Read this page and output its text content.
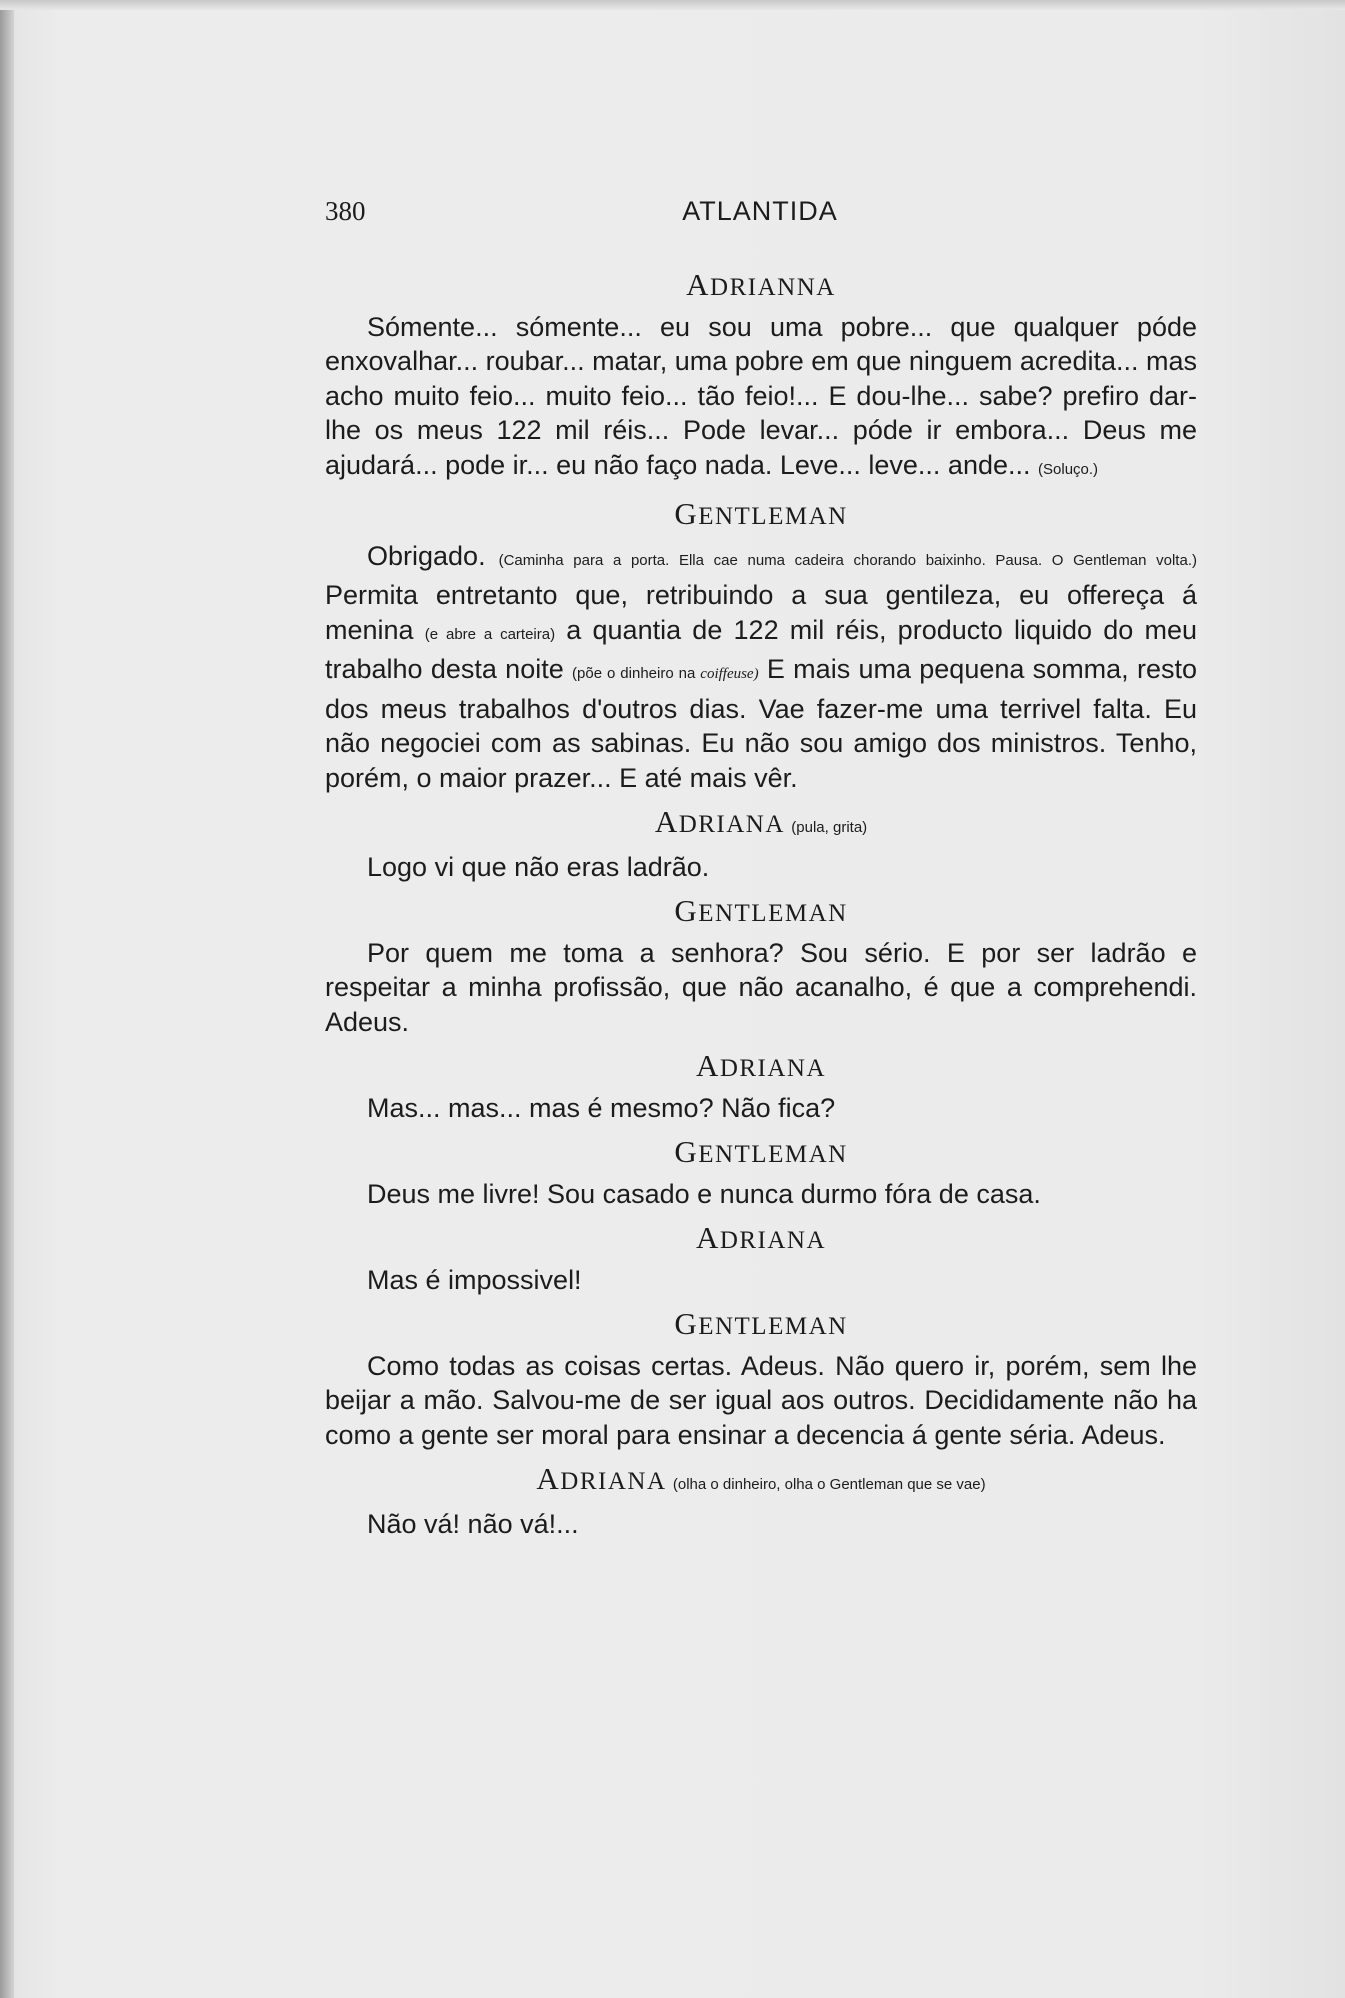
380	ATLANTIDA
ADRIANNA

Sómente... sómente... eu sou uma pobre... que qualquer póde enxovalhar... roubar... matar, uma pobre em que ninguem acredita... mas acho muito feio... muito feio... tão feio!... E dou-lhe... sabe? prefiro dar-lhe os meus 122 mil réis... Pode levar... póde ir embora... Deus me ajudará... pode ir... eu não faço nada. Leve... leve... ande... (Soluço.)

GENTLEMAN

Obrigado. (Caminha para a porta. Ella cae numa cadeira chorando baixinho. Pausa. O Gentleman volta.) Permita entretanto que, retribuindo a sua gentileza, eu offereça á menina (e abre a carteira) a quantia de 122 mil réis, producto liquido do meu trabalho desta noite (põe o dinheiro na coiffeuse) E mais uma pequena somma, resto dos meus trabalhos d'outros dias. Vae fazer-me uma terrivel falta. Eu não negociei com as sabinas. Eu não sou amigo dos ministros. Tenho, porém, o maior prazer... E até mais vêr.

ADRIANA (pula, grita)

Logo vi que não eras ladrão.

GENTLEMAN

Por quem me toma a senhora? Sou sério. E por ser ladrão e respeitar a minha profissão, que não acanalho, é que a comprehendi. Adeus.

ADRIANA

Mas... mas... mas é mesmo? Não fica?

GENTLEMAN

Deus me livre! Sou casado e nunca durmo fóra de casa.

ADRIANA

Mas é impossivel!

GENTLEMAN

Como todas as coisas certas. Adeus. Não quero ir, porém, sem lhe beijar a mão. Salvou-me de ser igual aos outros. Decididamente não ha como a gente ser moral para ensinar a decencia á gente séria. Adeus.

ADRIANA (olha o dinheiro, olha o Gentleman que se vae)

Não vá! não vá!...
